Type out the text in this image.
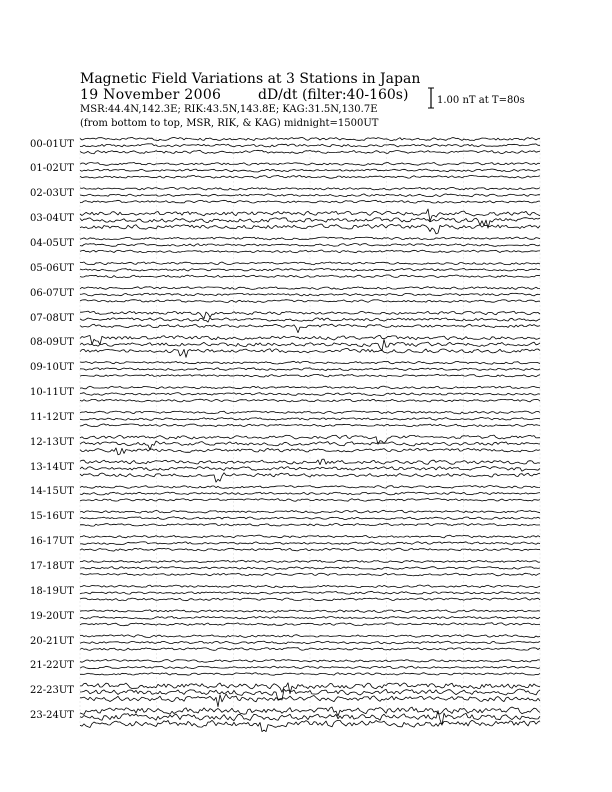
Magnetic Field Variations at 3 Stations in Japan
19 November 2006	dD/dt (filter:40-160s)
MSR:44.4N,142.3E; RIK:43.5N,143.8E; KAG:31.5N,130.7E
(from bottom to top, MSR, RIK, & KAG) midnight=1500UT
1.00 nT at T=80s
00-01UT
01-02UT
02-03UT
03-04UT
04-05UT
05-06UT
06-07UT
07-08UT
08-09UT
09-10UT
10-11UT
11-12UT
12-13UT
13-14UT
14-15UT
15-16UT
16-17UT
17-18UT
18-19UT
19-20UT
20-21UT
21-22UT
22-23UT
23-24UT
